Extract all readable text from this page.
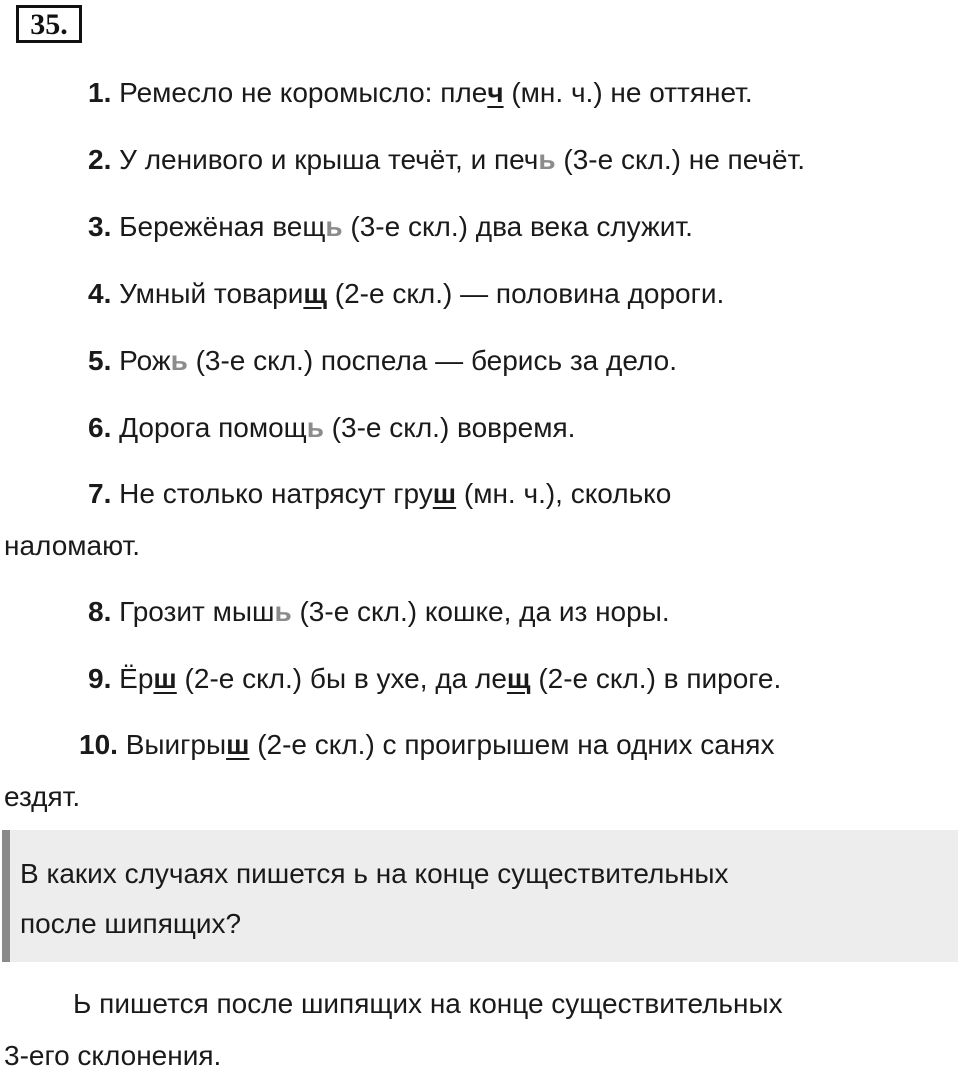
35.
1. Ремесло не коромысло: плеч (мн. ч.) не оттянет.
2. У ленивого и крыша течёт, и печь (3-е скл.) не печёт.
3. Бережёная вещь (3-е скл.) два века служит.
4. Умный товарищ (2-е скл.) — половина дороги.
5. Рожь (3-е скл.) поспела — берись за дело.
6. Дорога помощь (3-е скл.) вовремя.
7. Не столько натрясут груш (мн. ч.), сколько
наломают.
8. Грозит мышь (3-е скл.) кошке, да из норы.
9. Ёрш (2-е скл.) бы в ухе, да лещ (2-е скл.) в пироге.
10. Выигрыш (2-е скл.) с проигрышем на одних санях
ездят.
В каких случаях пишется ь на конце существительных
после шипящих?
Ь пишется после шипящих на конце существительных
3-его склонения.
